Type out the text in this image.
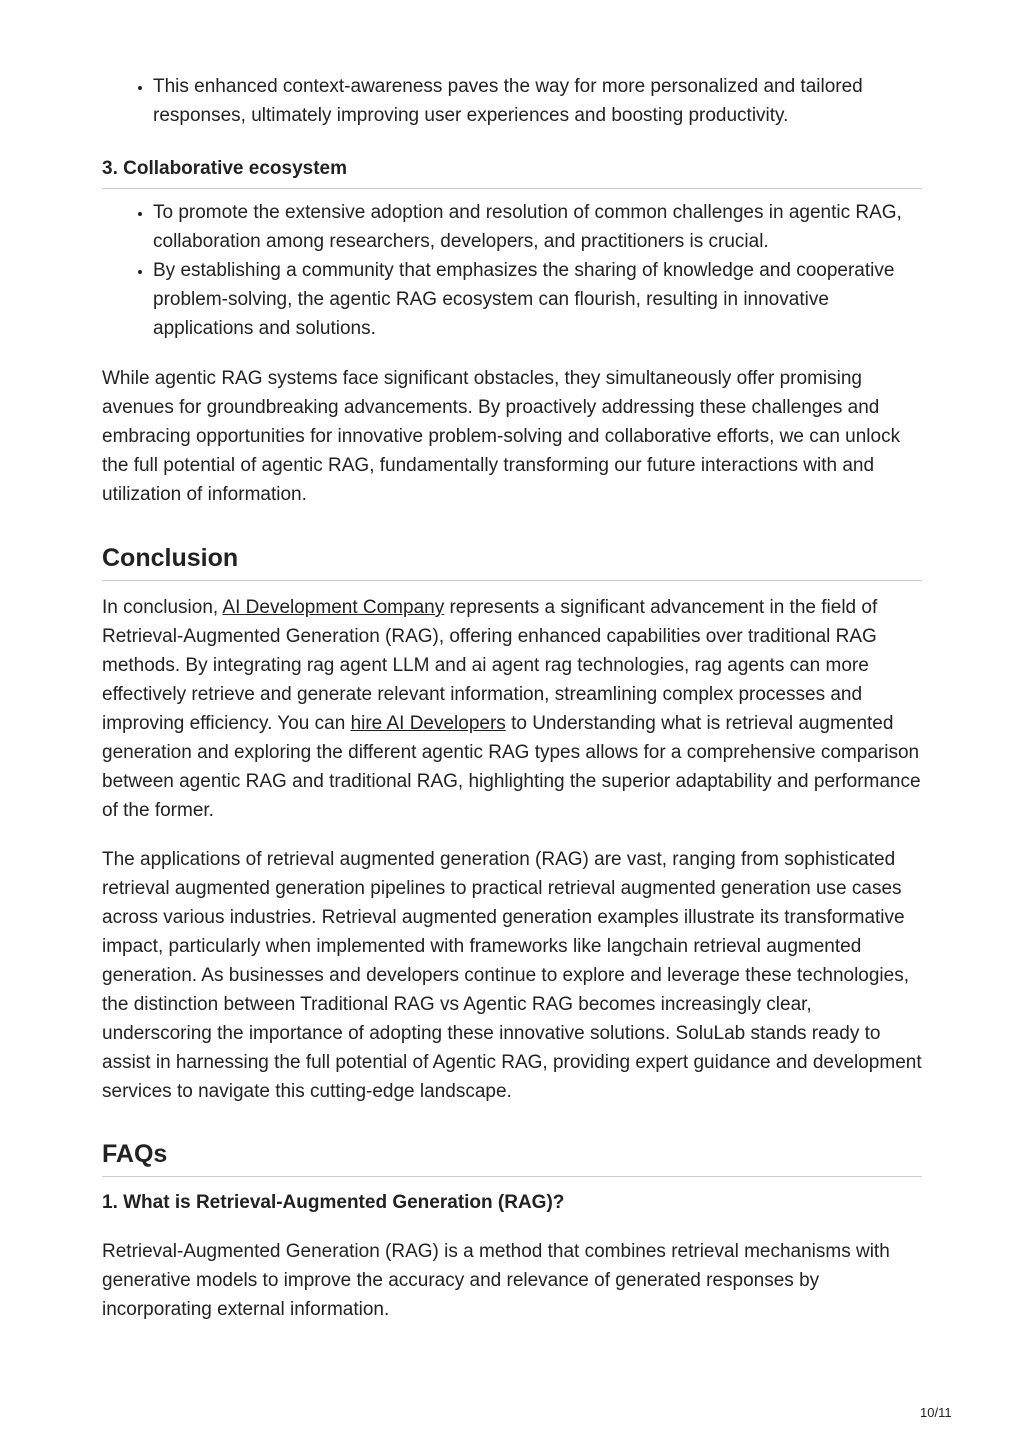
• This enhanced context-awareness paves the way for more personalized and tailored responses, ultimately improving user experiences and boosting productivity.
3. Collaborative ecosystem
• To promote the extensive adoption and resolution of common challenges in agentic RAG, collaboration among researchers, developers, and practitioners is crucial.
• By establishing a community that emphasizes the sharing of knowledge and cooperative problem-solving, the agentic RAG ecosystem can flourish, resulting in innovative applications and solutions.

While agentic RAG systems face significant obstacles, they simultaneously offer promising avenues for groundbreaking advancements. By proactively addressing these challenges and embracing opportunities for innovative problem-solving and collaborative efforts, we can unlock the full potential of agentic RAG, fundamentally transforming our future interactions with and utilization of information.

Conclusion

In conclusion, AI Development Company represents a significant advancement in the field of Retrieval-Augmented Generation (RAG), offering enhanced capabilities over traditional RAG methods. By integrating rag agent LLM and ai agent rag technologies, rag agents can more effectively retrieve and generate relevant information, streamlining complex processes and improving efficiency. You can hire AI Developers to Understanding what is retrieval augmented generation and exploring the different agentic RAG types allows for a comprehensive comparison between agentic RAG and traditional RAG, highlighting the superior adaptability and performance of the former.

The applications of retrieval augmented generation (RAG) are vast, ranging from sophisticated retrieval augmented generation pipelines to practical retrieval augmented generation use cases across various industries. Retrieval augmented generation examples illustrate its transformative impact, particularly when implemented with frameworks like langchain retrieval augmented generation. As businesses and developers continue to explore and leverage these technologies, the distinction between Traditional RAG vs Agentic RAG becomes increasingly clear, underscoring the importance of adopting these innovative solutions. SoluLab stands ready to assist in harnessing the full potential of Agentic RAG, providing expert guidance and development services to navigate this cutting-edge landscape.

FAQs
1. What is Retrieval-Augmented Generation (RAG)?

Retrieval-Augmented Generation (RAG) is a method that combines retrieval mechanisms with generative models to improve the accuracy and relevance of generated responses by incorporating external information.

10/11
